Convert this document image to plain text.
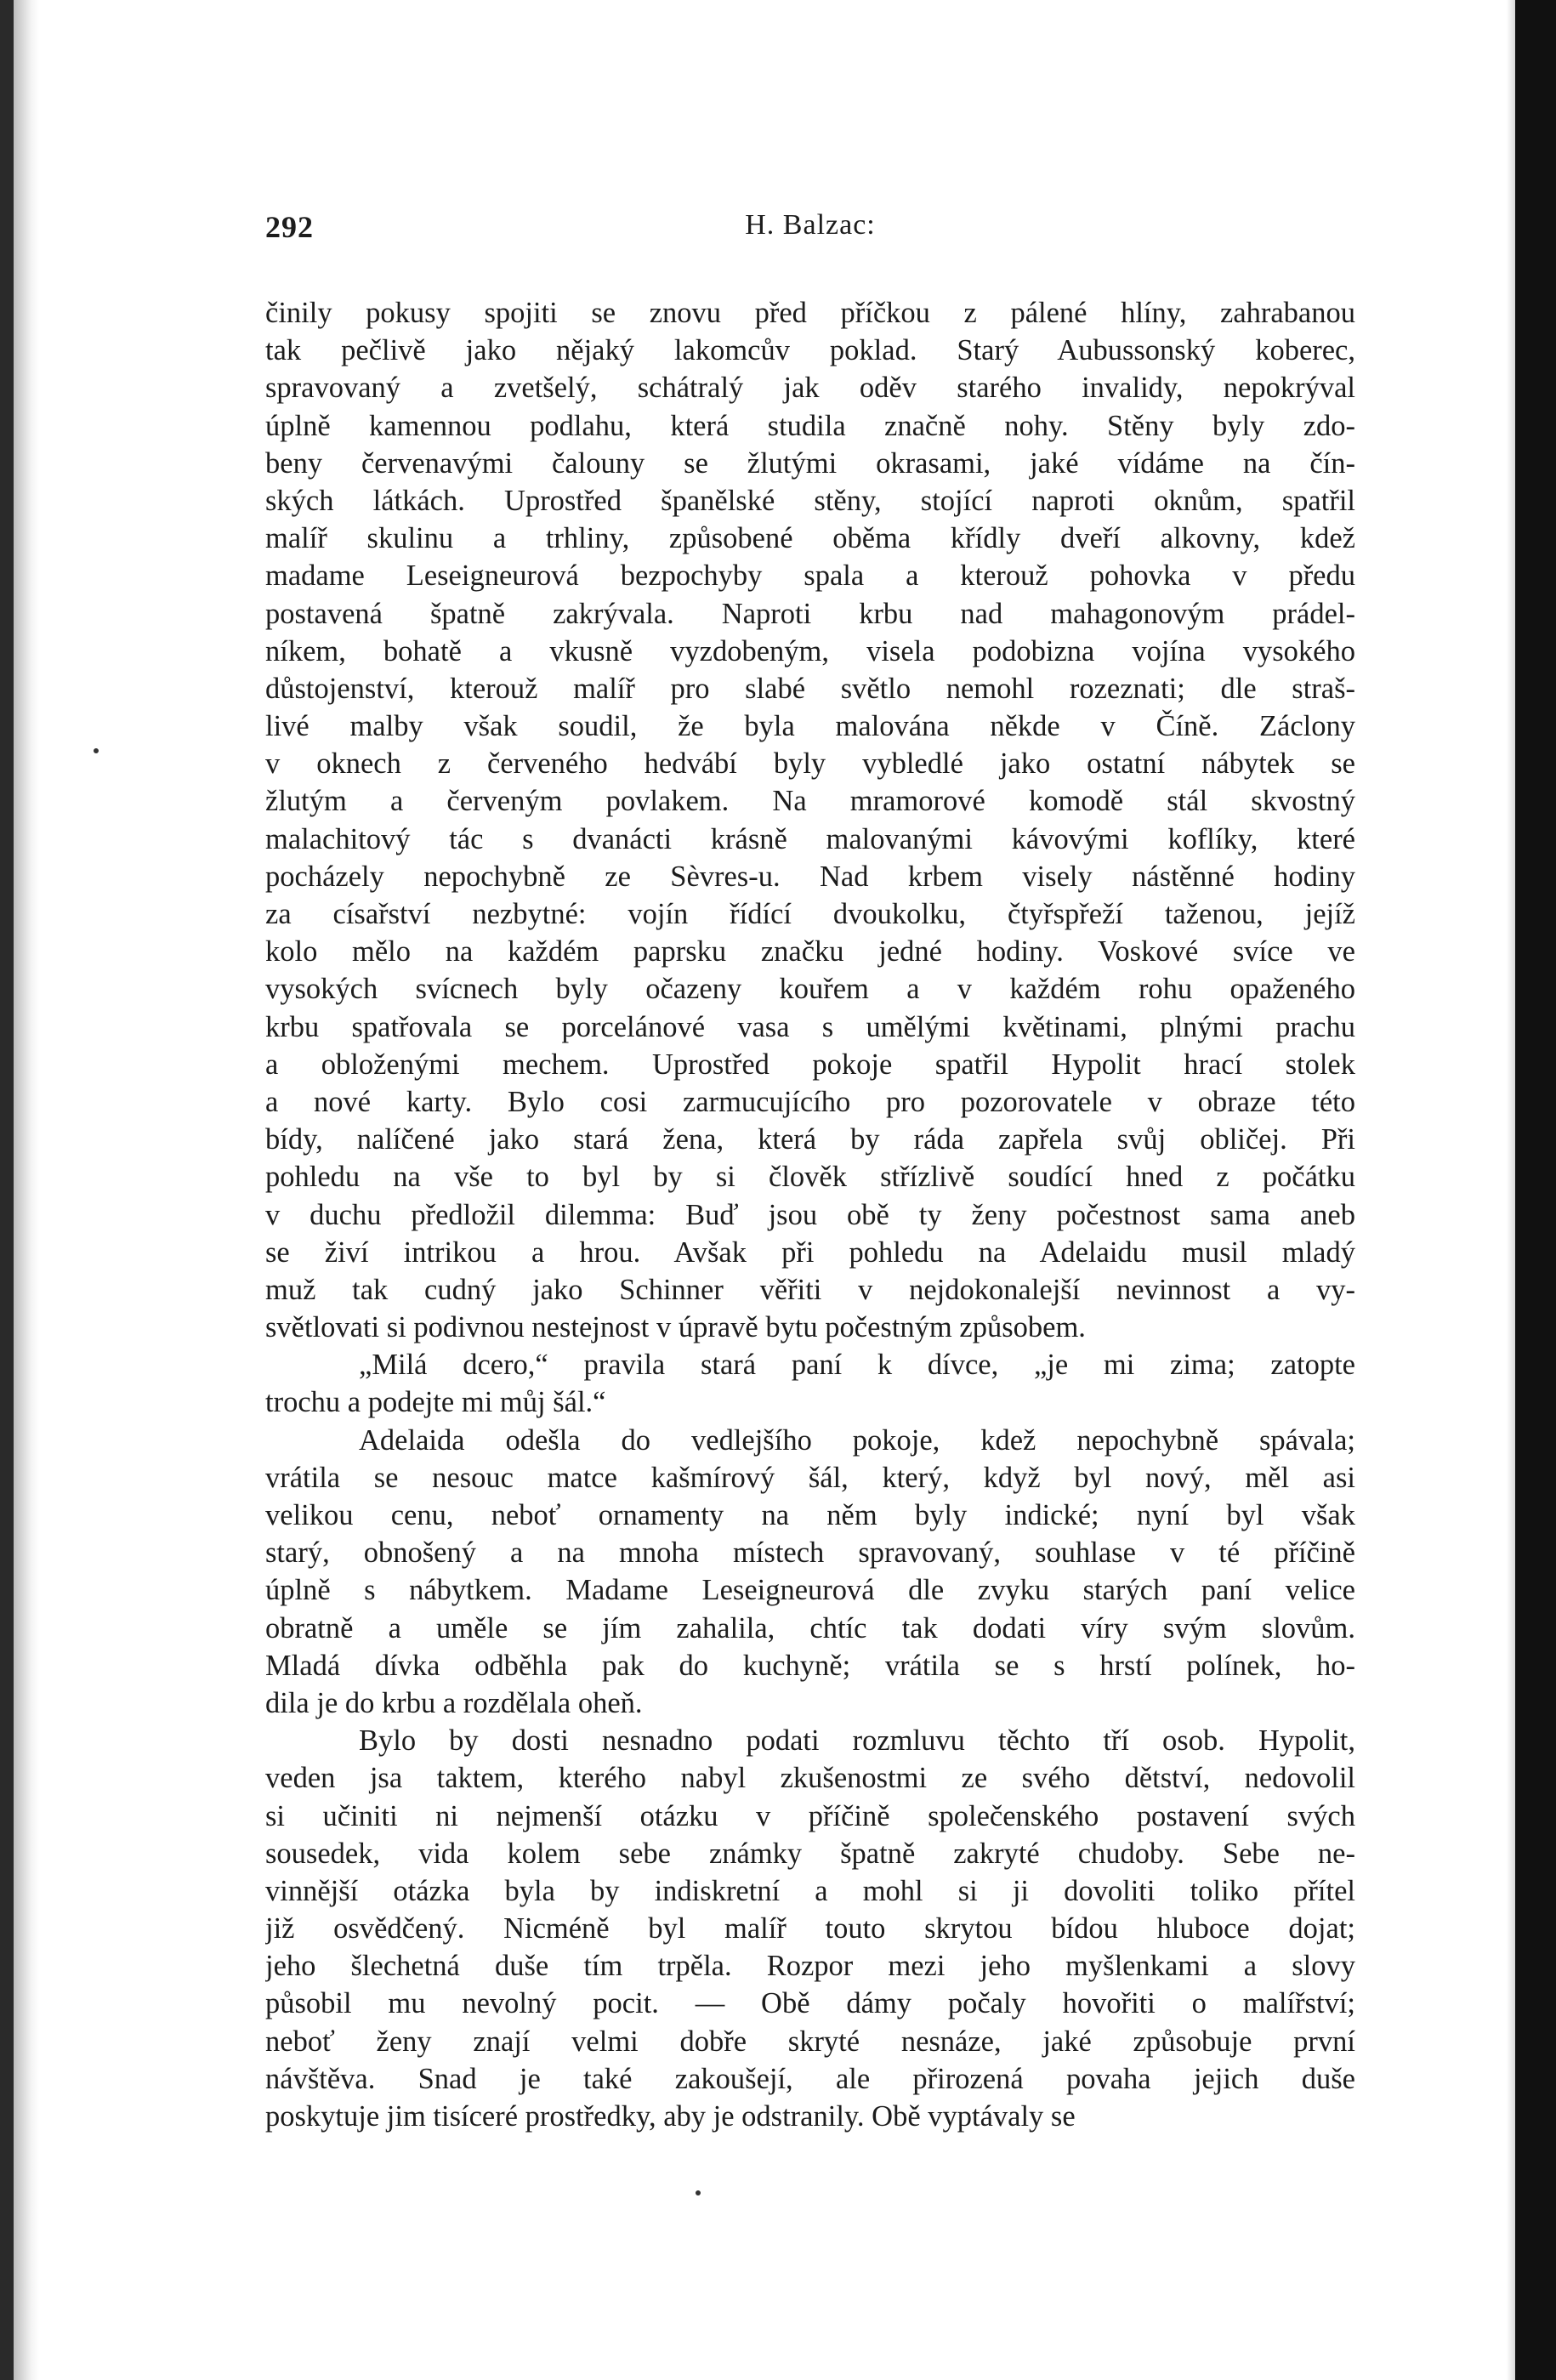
292	H. Balzac:
činily pokusy spojiti se znovu před příčkou z pálené hlíny, zahrabanou
tak pečlivě jako nějaký lakomcův poklad. Starý Aubussonský koberec,
spravovaný a zvetšelý, schátralý jak oděv starého invalidy, nepokrýval
úplně kamennou podlahu, která studila značně nohy. Stěny byly zdo-
beny červenavými čalouny se žlutými okrasami, jaké vídáme na čín-
ských látkách. Uprostřed španělské stěny, stojící naproti oknům, spatřil
malíř skulinu a trhliny, způsobené oběma křídly dveří alkovny, kdež
madame Leseigneurová bezpochyby spala a kterouž pohovka v předu
postavená špatně zakrývala. Naproti krbu nad mahagonovým prádel-
níkem, bohatě a vkusně vyzdobeným, visela podobizna vojína vysokého
důstojenství, kterouž malíř pro slabé světlo nemohl rozeznati; dle straš-
livé malby však soudil, že byla malována někde v Číně. Záclony
v oknech z červeného hedvábí byly vybledlé jako ostatní nábytek se
žlutým a červeným povlakem. Na mramorové komodě stál skvostný
malachitový tác s dvanácti krásně malovanými kávovými koflíky, které
pocházely nepochybně ze Sèvres-u. Nad krbem visely nástěnné hodiny
za císařství nezbytné: vojín řídící dvoukolku, čtyřspřeží taženou, jejíž
kolo mělo na každém paprsku značku jedné hodiny. Voskové svíce ve
vysokých svícnech byly očazeny kouřem a v každém rohu opaženého
krbu spatřovala se porcelánové vasa s umělými květinami, plnými prachu
a obloženými mechem. Uprostřed pokoje spatřil Hypolit hrací stolek
a nové karty. Bylo cosi zarmucujícího pro pozorovatele v obraze této
bídy, nalíčené jako stará žena, která by ráda zapřela svůj obličej. Při
pohledu na vše to byl by si člověk střízlivě soudící hned z počátku
v duchu předložil dilemma: Buď jsou obě ty ženy počestnost sama aneb
se živí intrikou a hrou. Avšak při pohledu na Adelaidu musil mladý
muž tak cudný jako Schinner věřiti v nejdokonalejší nevinnost a vy-
světlovati si podivnou nestejnost v úpravě bytu počestným způsobem.
„Milá dcero,“ pravila stará paní k dívce, „je mi zima; zatopte
trochu a podejte mi můj šál.“
Adelaida odešla do vedlejšího pokoje, kdež nepochybně spávala;
vrátila se nesouc matce kašmírový šál, který, když byl nový, měl asi
velikou cenu, neboť ornamenty na něm byly indické; nyní byl však
starý, obnošený a na mnoha místech spravovaný, souhlase v té příčině
úplně s nábytkem. Madame Leseigneurová dle zvyku starých paní velice
obratně a uměle se jím zahalila, chtíc tak dodati víry svým slovům.
Mladá dívka odběhla pak do kuchyně; vrátila se s hrstí polínek, ho-
dila je do krbu a rozdělala oheň.
Bylo by dosti nesnadno podati rozmluvu těchto tří osob. Hypolit,
veden jsa taktem, kterého nabyl zkušenostmi ze svého dětství, nedovolil
si učiniti ni nejmenší otázku v příčině společenského postavení svých
sousedek, vida kolem sebe známky špatně zakryté chudoby. Sebe ne-
vinnější otázka byla by indiskretní a mohl si ji dovoliti toliko přítel
již osvědčený. Nicméně byl malíř touto skrytou bídou hluboce dojat;
jeho šlechetná duše tím trpěla. Rozpor mezi jeho myšlenkami a slovy
působil mu nevolný pocit. — Obě dámy počaly hovořiti o malířství;
neboť ženy znají velmi dobře skryté nesnáze, jaké způsobuje první
návštěva. Snad je také zakoušejí, ale přirozená povaha jejich duše
poskytuje jim tisíceré prostředky, aby je odstranily. Obě vyptávaly se
